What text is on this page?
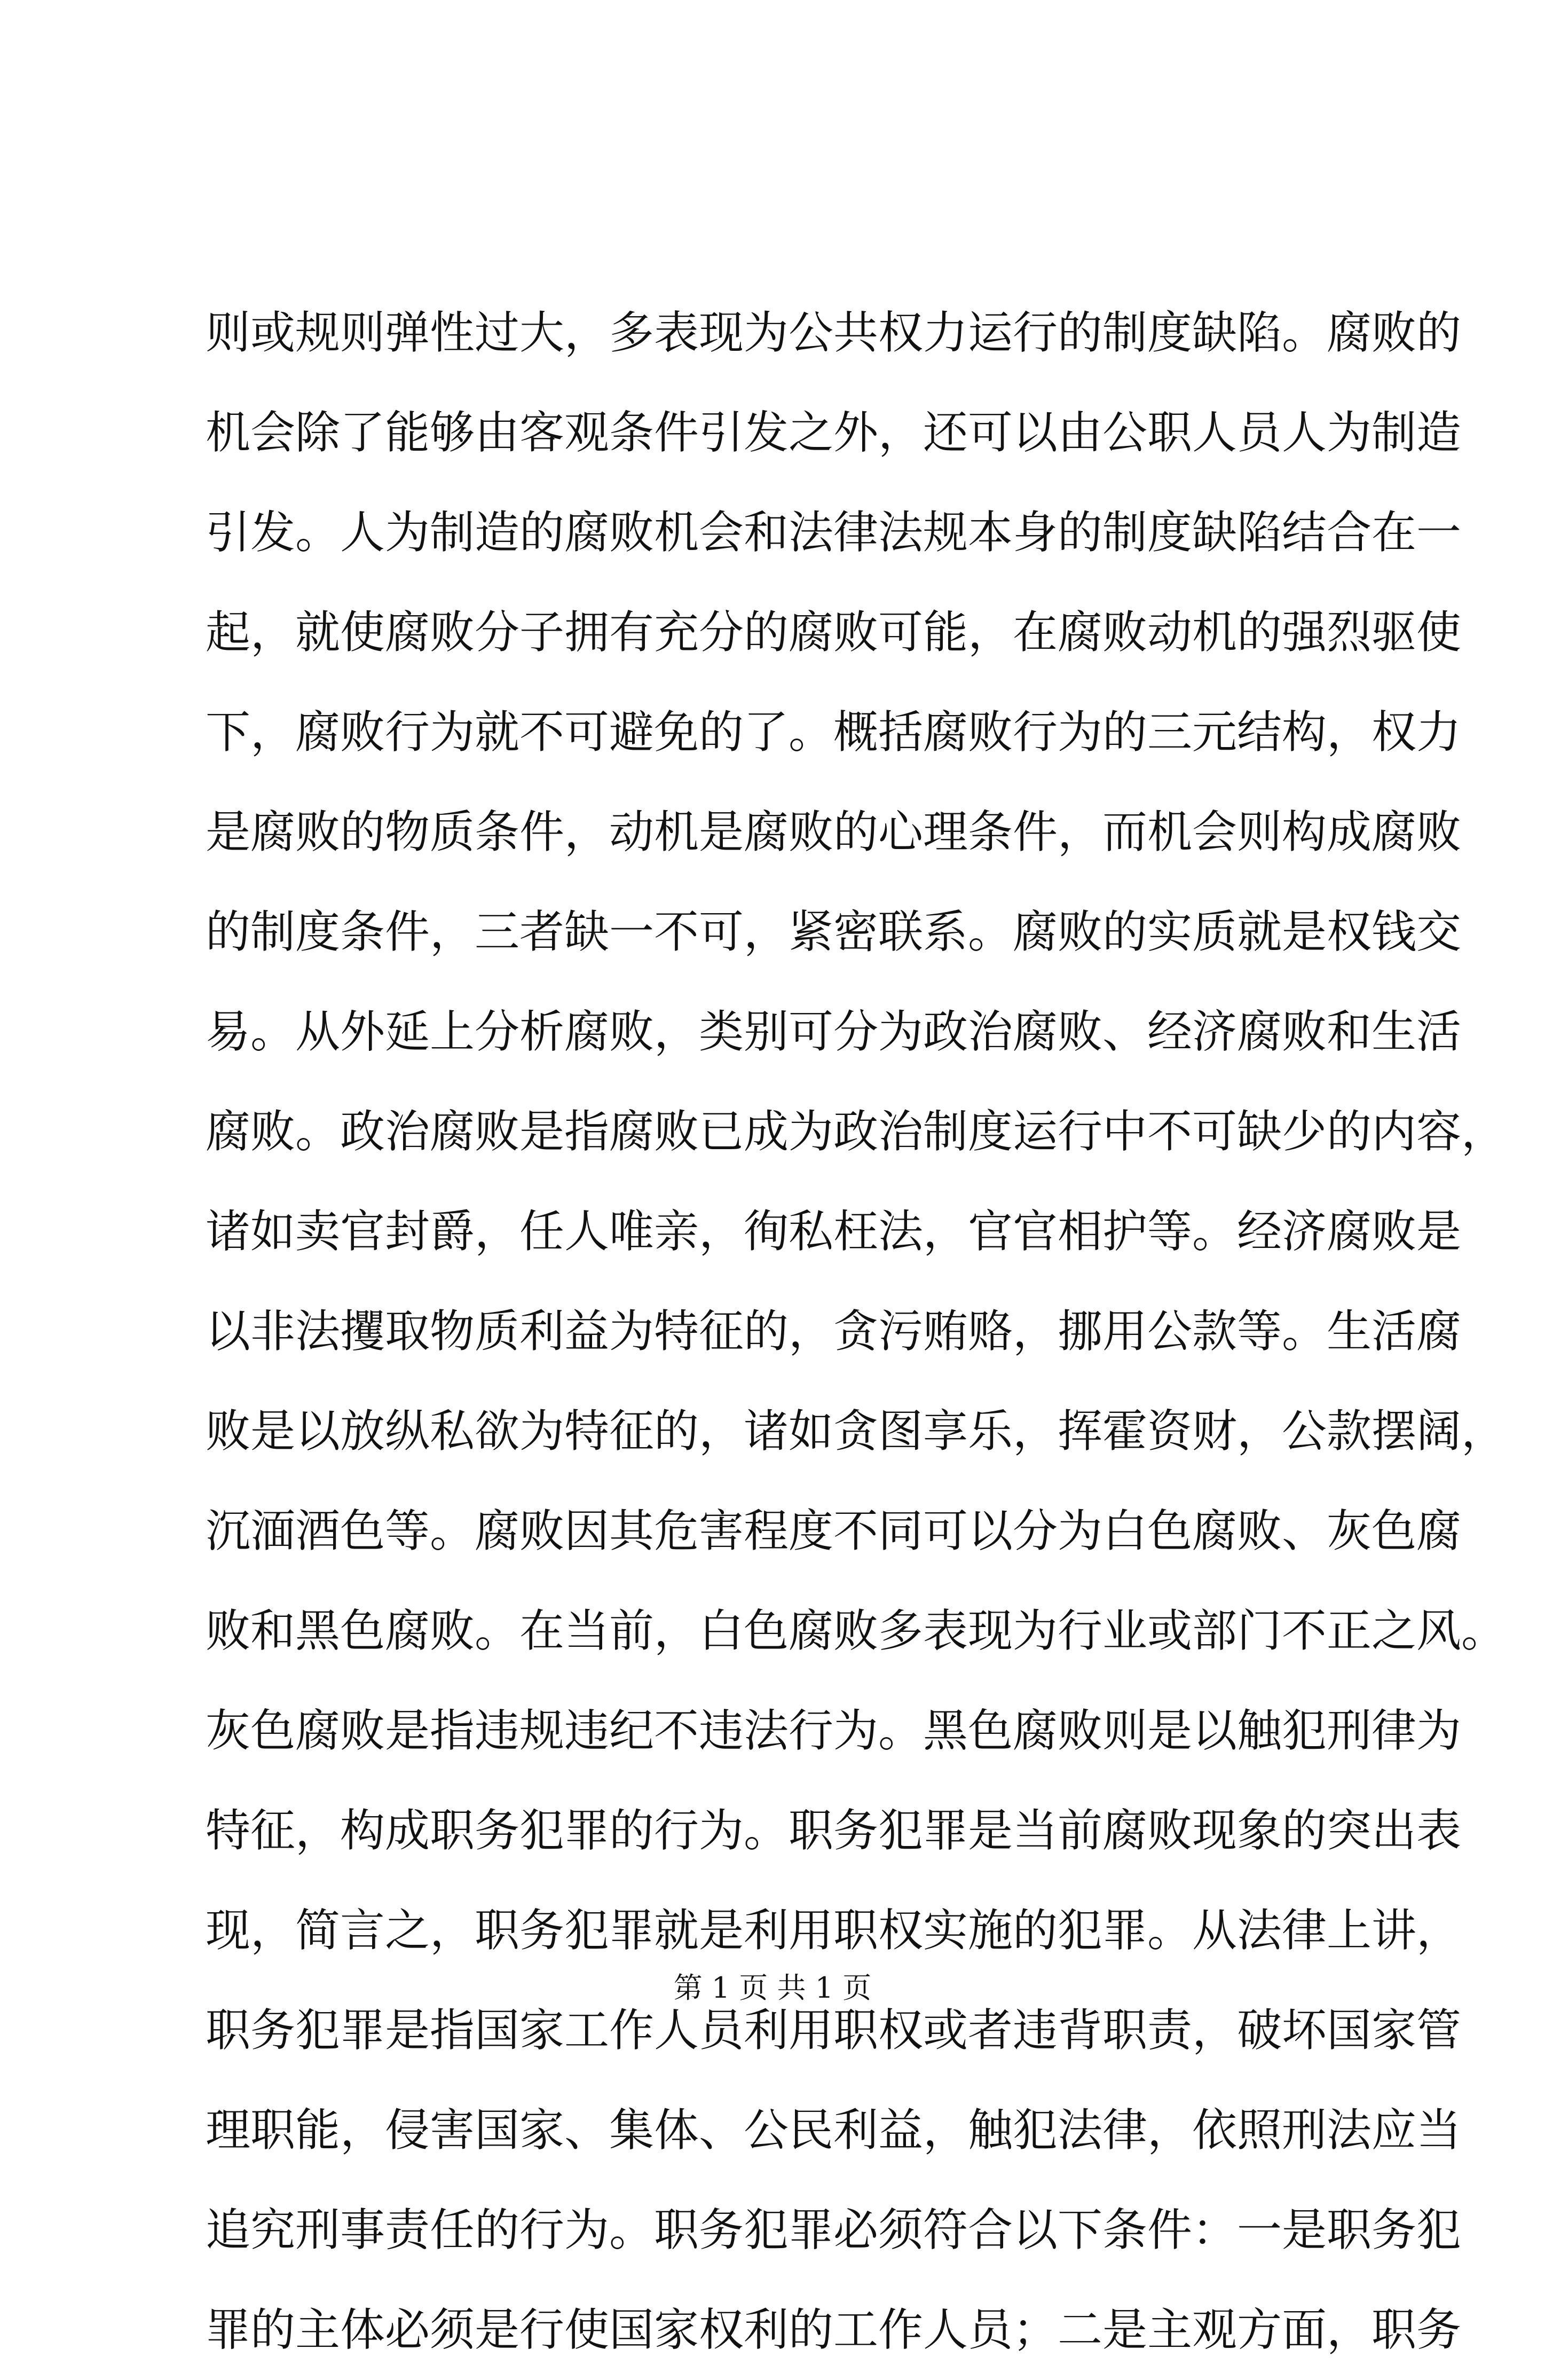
则或规则弹性过大，多表现为公共权力运行的制度缺陷。腐败的
机会除了能够由客观条件引发之外，还可以由公职人员人为制造
引发。人为制造的腐败机会和法律法规本身的制度缺陷结合在一
起，就使腐败分子拥有充分的腐败可能，在腐败动机的强烈驱使
下，腐败行为就不可避免的了。概括腐败行为的三元结构，权力
是腐败的物质条件，动机是腐败的心理条件，而机会则构成腐败
的制度条件，三者缺一不可，紧密联系。腐败的实质就是权钱交
易。从外延上分析腐败，类别可分为政治腐败、经济腐败和生活
腐败。政治腐败是指腐败已成为政治制度运行中不可缺少的内容，
诸如卖官封爵，任人唯亲，徇私枉法，官官相护等。经济腐败是
以非法攫取物质利益为特征的，贪污贿赂，挪用公款等。生活腐
败是以放纵私欲为特征的，诸如贪图享乐，挥霍资财，公款摆阔，
沉湎酒色等。腐败因其危害程度不同可以分为白色腐败、灰色腐
败和黑色腐败。在当前，白色腐败多表现为行业或部门不正之风。
灰色腐败是指违规违纪不违法行为。黑色腐败则是以触犯刑律为
特征，构成职务犯罪的行为。职务犯罪是当前腐败现象的突出表
现，简言之，职务犯罪就是利用职权实施的犯罪。从法律上讲，
职务犯罪是指国家工作人员利用职权或者违背职责，破坏国家管
理职能，侵害国家、集体、公民利益，触犯法律，依照刑法应当
追究刑事责任的行为。职务犯罪必须符合以下条件：一是职务犯
罪的主体必须是行使国家权利的工作人员；二是主观方面，职务
第 1 页 共 1 页
